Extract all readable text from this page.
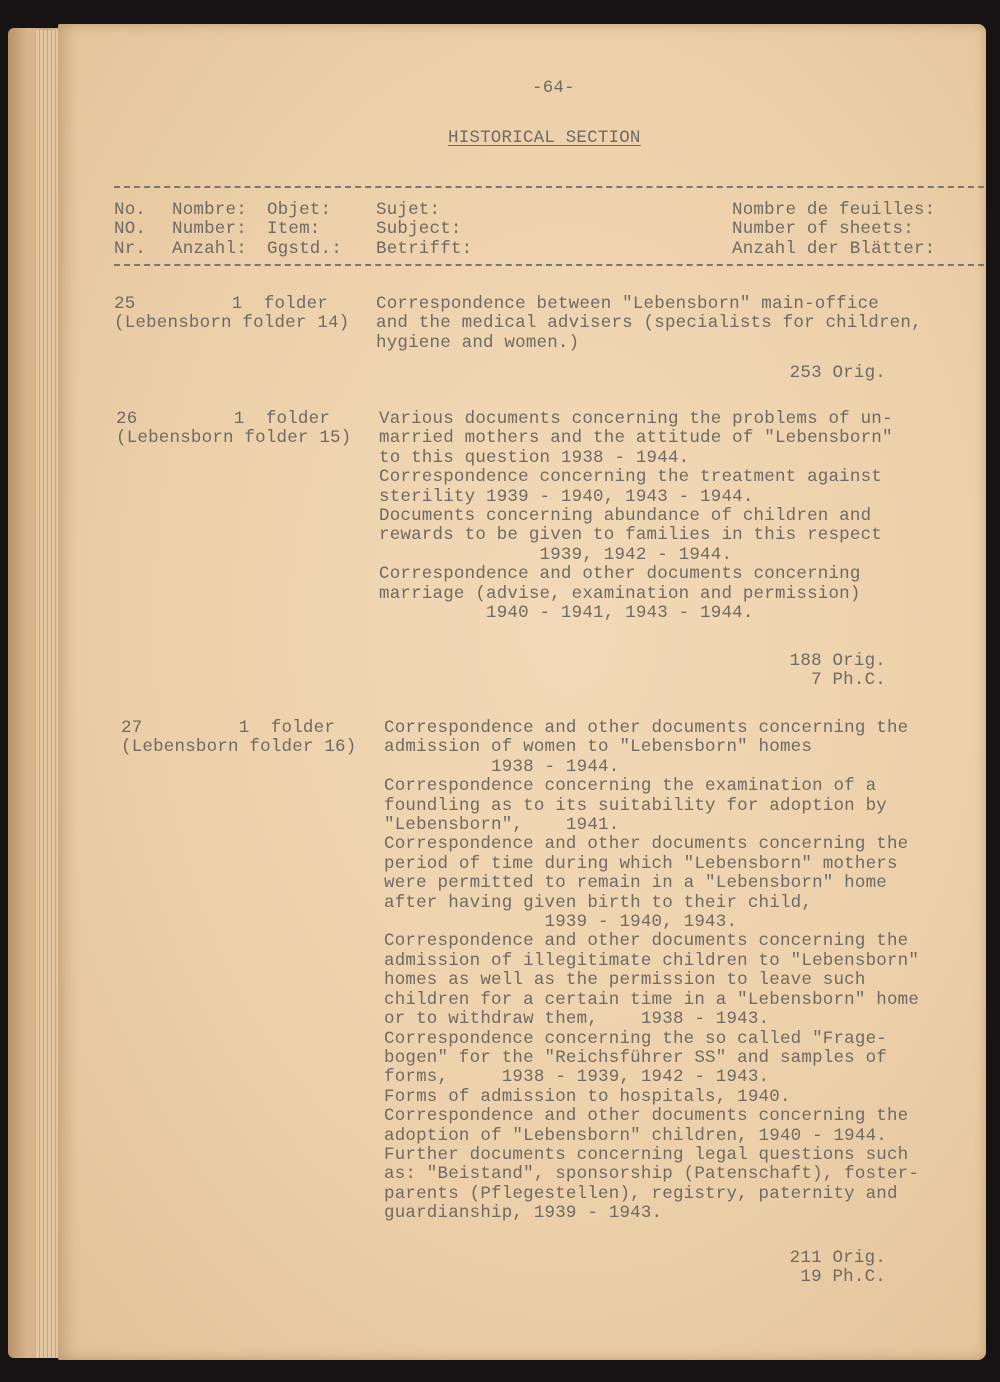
-64-
HISTORICAL SECTION
No.
NO.
Nr.
Nombre:
Number:
Anzahl:
Objet:
Item:
Ggstd.:
Sujet:
Subject:
Betrifft:
Nombre de feuilles:
Number of sheets:
Anzahl der Blätter:
25         1  folder
(Lebensborn folder 14)
Correspondence between "Lebensborn" main-office
and the medical advisers (specialists for children,
hygiene and women.)
253 Orig.
26         1  folder
(Lebensborn folder 15)
Various documents concerning the problems of un-
married mothers and the attitude of "Lebensborn"
to this question 1938 - 1944.
Correspondence concerning the treatment against
sterility 1939 - 1940, 1943 - 1944.
Documents concerning abundance of children and
rewards to be given to families in this respect
1939, 1942 - 1944.
Correspondence and other documents concerning
marriage (advise, examination and permission)
1940 - 1941, 1943 - 1944.
188 Orig.
7 Ph.C.
27         1  folder
(Lebensborn folder 16)
Correspondence and other documents concerning the
admission of women to "Lebensborn" homes
1938 - 1944.
Correspondence concerning the examination of a
foundling as to its suitability for adoption by
"Lebensborn",    1941.
Correspondence and other documents concerning the
period of time during which "Lebensborn" mothers
were permitted to remain in a "Lebensborn" home
after having given birth to their child,
1939 - 1940, 1943.
Correspondence and other documents concerning the
admission of illegitimate children to "Lebensborn"
homes as well as the permission to leave such
children for a certain time in a "Lebensborn" home
or to withdraw them,    1938 - 1943.
Correspondence concerning the so called "Frage-
bogen" for the "Reichsführer SS" and samples of
forms,     1938 - 1939, 1942 - 1943.
Forms of admission to hospitals, 1940.
Correspondence and other documents concerning the
adoption of "Lebensborn" children, 1940 - 1944.
Further documents concerning legal questions such
as: "Beistand", sponsorship (Patenschaft), foster-
parents (Pflegestellen), registry, paternity and
guardianship, 1939 - 1943.
211 Orig.
19 Ph.C.
